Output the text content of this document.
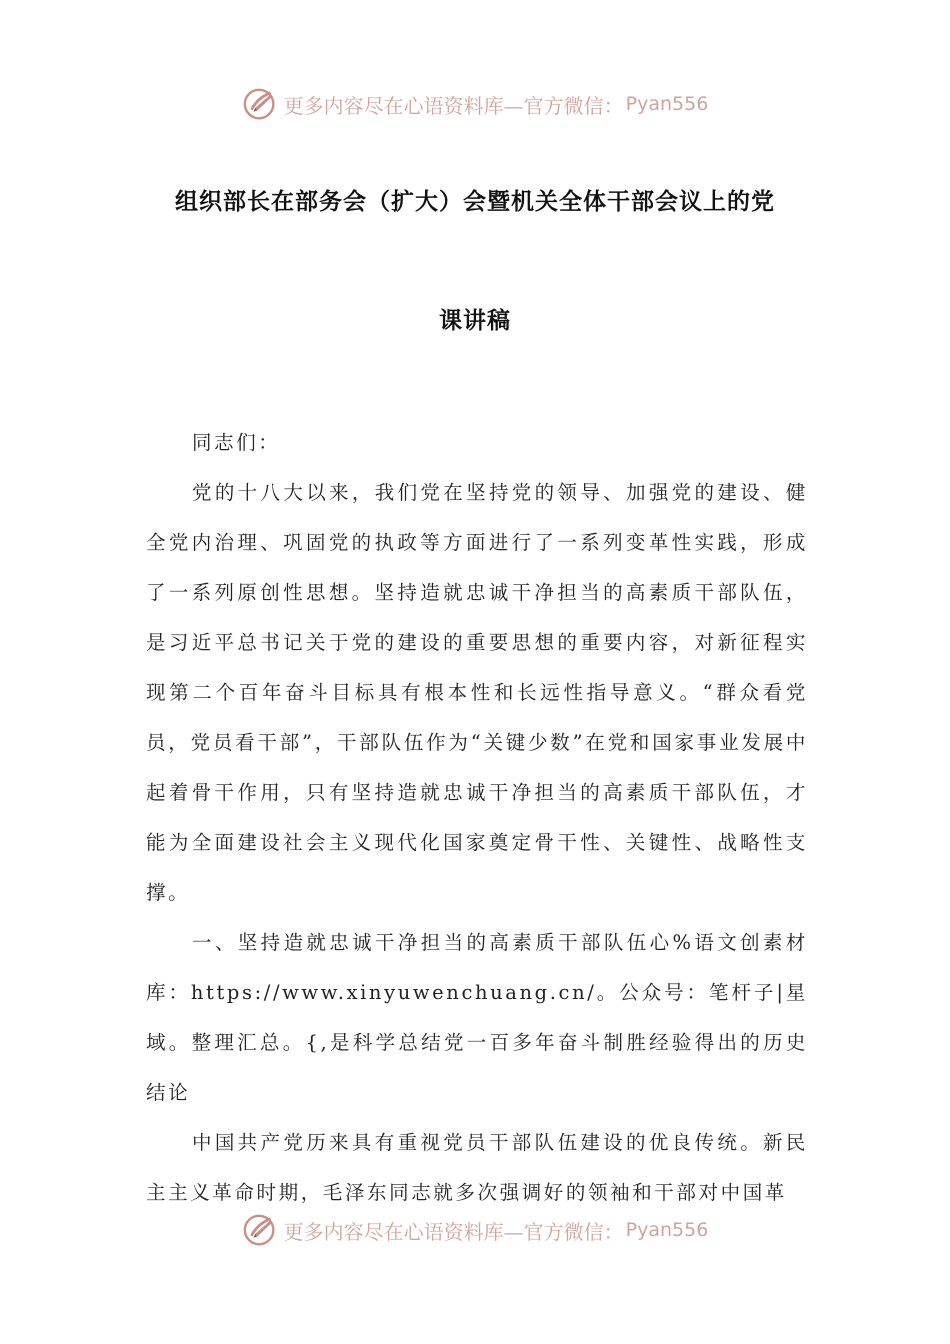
更多内容尽在心语资料库—官方微信： Pyan556
组织部长在部务会（扩大）会暨机关全体干部会议上的党
课讲稿

同志们：

党的十八大以来，我们党在坚持党的领导、加强党的建设、健全党内治理、巩固党的执政等方面进行了一系列变革性实践，形成了一系列原创性思想。坚持造就忠诚干净担当的高素质干部队伍，是习近平总书记关于党的建设的重要思想的重要内容，对新征程实现第二个百年奋斗目标具有根本性和长远性指导意义。“群众看党员，党员看干部”，干部队伍作为“关键少数”在党和国家事业发展中起着骨干作用，只有坚持造就忠诚干净担当的高素质干部队伍，才能为全面建设社会主义现代化国家奠定骨干性、关键性、战略性支撑。

一、坚持造就忠诚干净担当的高素质干部队伍心%语文创素材库：https://www.xinyuwenchuang.cn/。公众号：笔杆子|星域。整理汇总。{,是科学总结党一百多年奋斗制胜经验得出的历史结论

中国共产党历来具有重视党员干部队伍建设的优良传统。新民主主义革命时期，毛泽东同志就多次强调好的领袖和干部对中国革

更多内容尽在心语资料库—官方微信： Pyan556
